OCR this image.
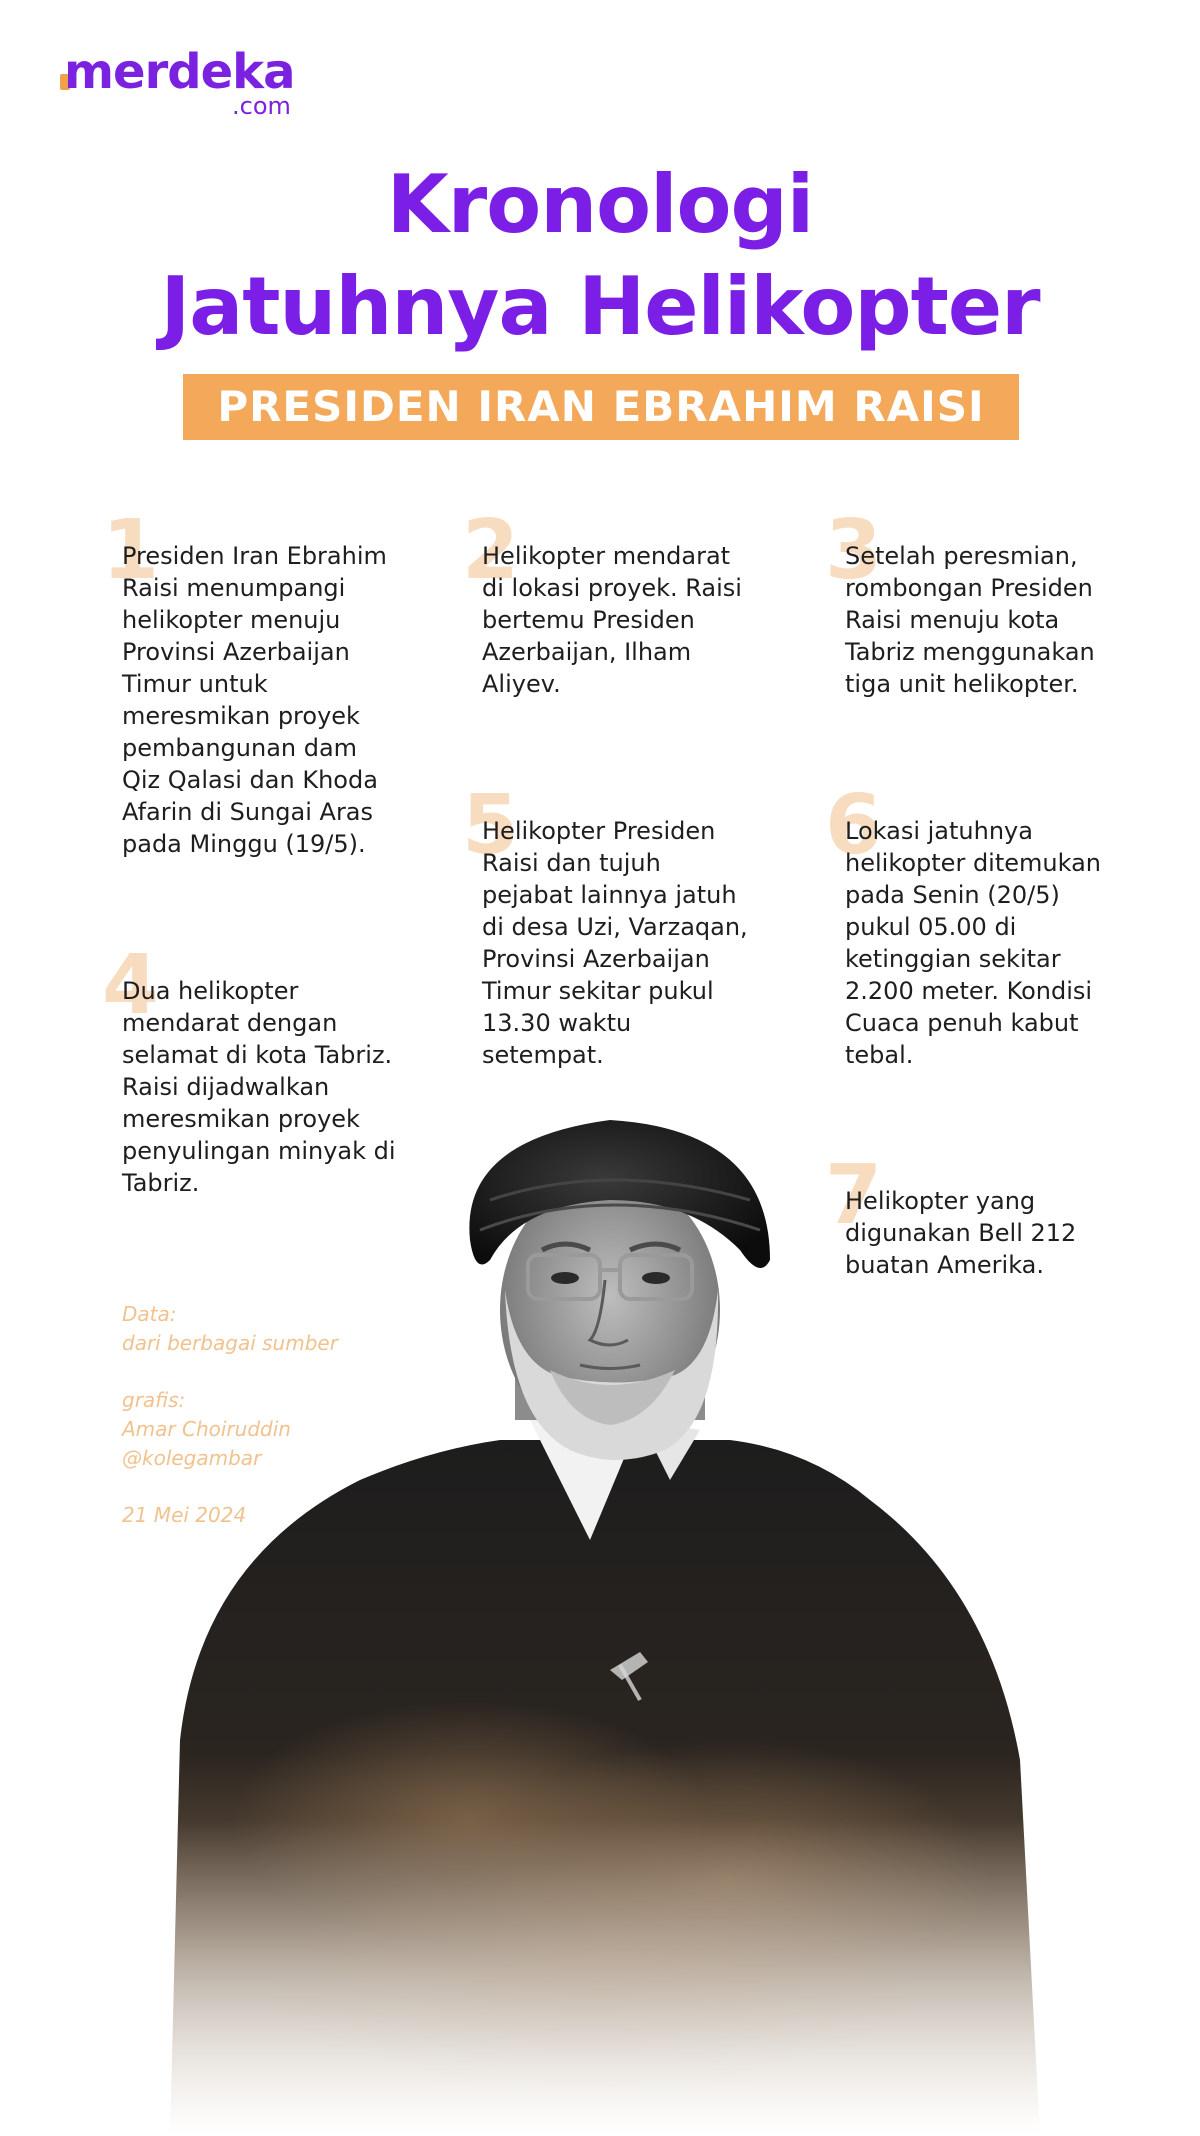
merdeka
.com
Kronologi
Jatuhnya Helikopter
PRESIDEN IRAN EBRAHIM RAISI
1

Presiden Iran Ebrahim Raisi menumpangi helikopter menuju Provinsi Azerbaijan Timur untuk meresmikan proyek pembangunan dam Qiz Qalasi dan Khoda Afarin di Sungai Aras pada Minggu (19/5).

4

Dua helikopter mendarat dengan selamat di kota Tabriz. Raisi dijadwalkan meresmikan proyek penyulingan minyak di Tabriz.

2

Helikopter mendarat di lokasi proyek. Raisi bertemu Presiden Azerbaijan, Ilham Aliyev.

5

Helikopter Presiden Raisi dan tujuh pejabat lainnya jatuh di desa Uzi, Varzaqan, Provinsi Azerbaijan Timur sekitar pukul 13.30 waktu setempat.

3

Setelah peresmian, rombongan Presiden Raisi menuju kota Tabriz menggunakan tiga unit helikopter.

6

Lokasi jatuhnya helikopter ditemukan pada Senin (20/5) pukul 05.00 di ketinggian sekitar 2.200 meter. Kondisi Cuaca penuh kabut tebal.

7

Helikopter yang digunakan Bell 212 buatan Amerika.

Data:

dari berbagai sumber

grafis:

Amar Choiruddin

@kolegambar

21 Mei 2024
